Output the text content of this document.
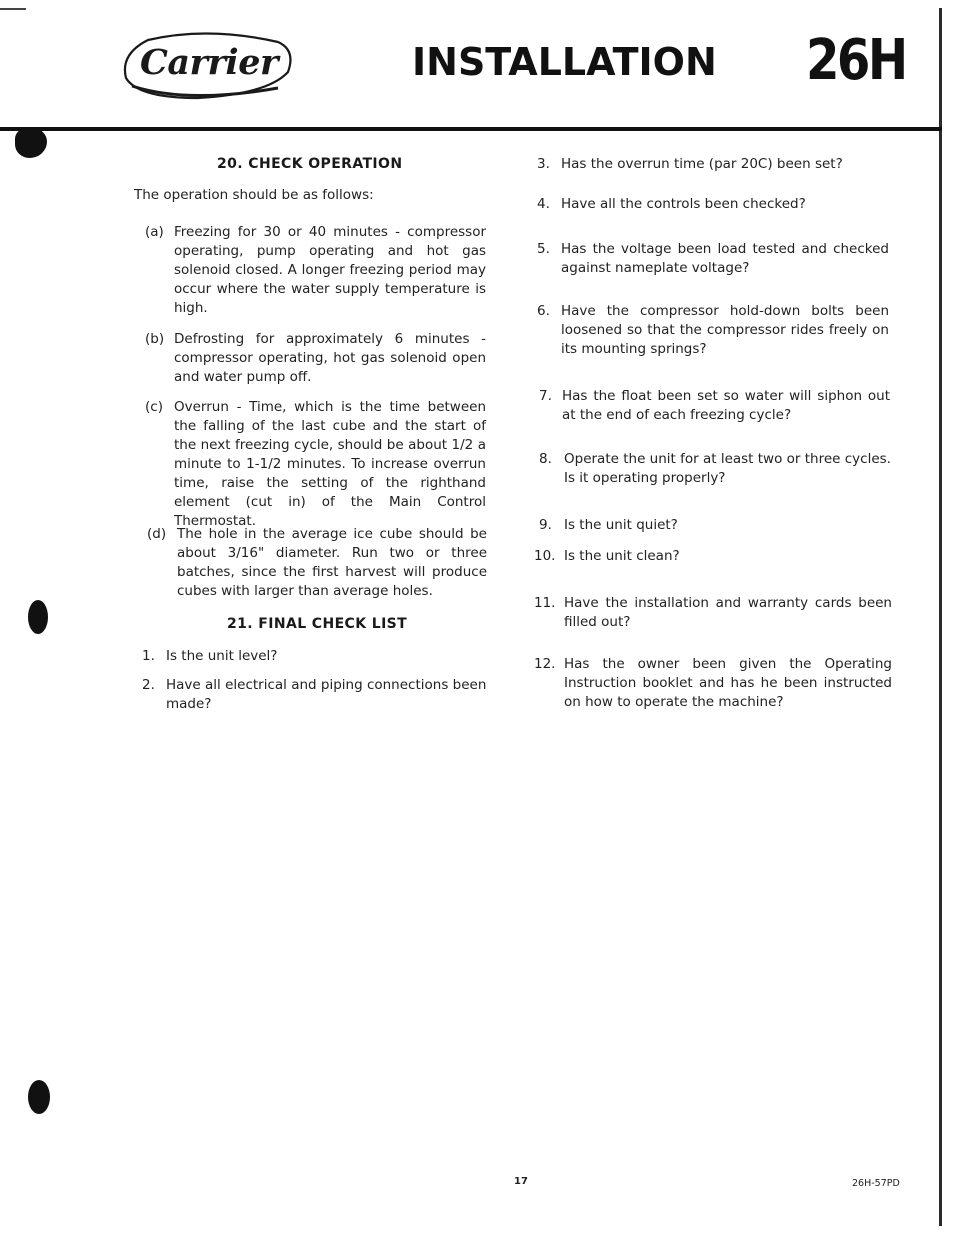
Carrier	INSTALLATION 26H
20. CHECK OPERATION
The operation should be as follows:
(a) Freezing for 30 or 40 minutes - compressor operating, pump operating and hot gas solenoid closed. A longer freezing period may occur where the water supply temperature is high.
(b) Defrosting for approximately 6 minutes - compressor operating, hot gas solenoid open and water pump off.
(c) Overrun - Time, which is the time between the falling of the last cube and the start of the next freezing cycle, should be about 1/2 a minute to 1-1/2 minutes. To increase overrun time, raise the setting of the righthand element (cut in) of the Main Control Thermostat.
(d) The hole in the average ice cube should be about 3/16" diameter. Run two or three batches, since the first harvest will produce cubes with larger than average holes.
21. FINAL CHECK LIST
1. Is the unit level?
2. Have all electrical and piping connections been made?
3. Has the overrun time (par 20C) been set?
4. Have all the controls been checked?
5. Has the voltage been load tested and checked against nameplate voltage?
6. Have the compressor hold-down bolts been loosened so that the compressor rides freely on its mounting springs?
7. Has the float been set so water will siphon out at the end of each freezing cycle?
8. Operate the unit for at least two or three cycles. Is it operating properly?
9. Is the unit quiet?
10. Is the unit clean?
11. Have the installation and warranty cards been filled out?
12. Has the owner been given the Operating Instruction booklet and has he been instructed on how to operate the machine?
17	26H-57PD
